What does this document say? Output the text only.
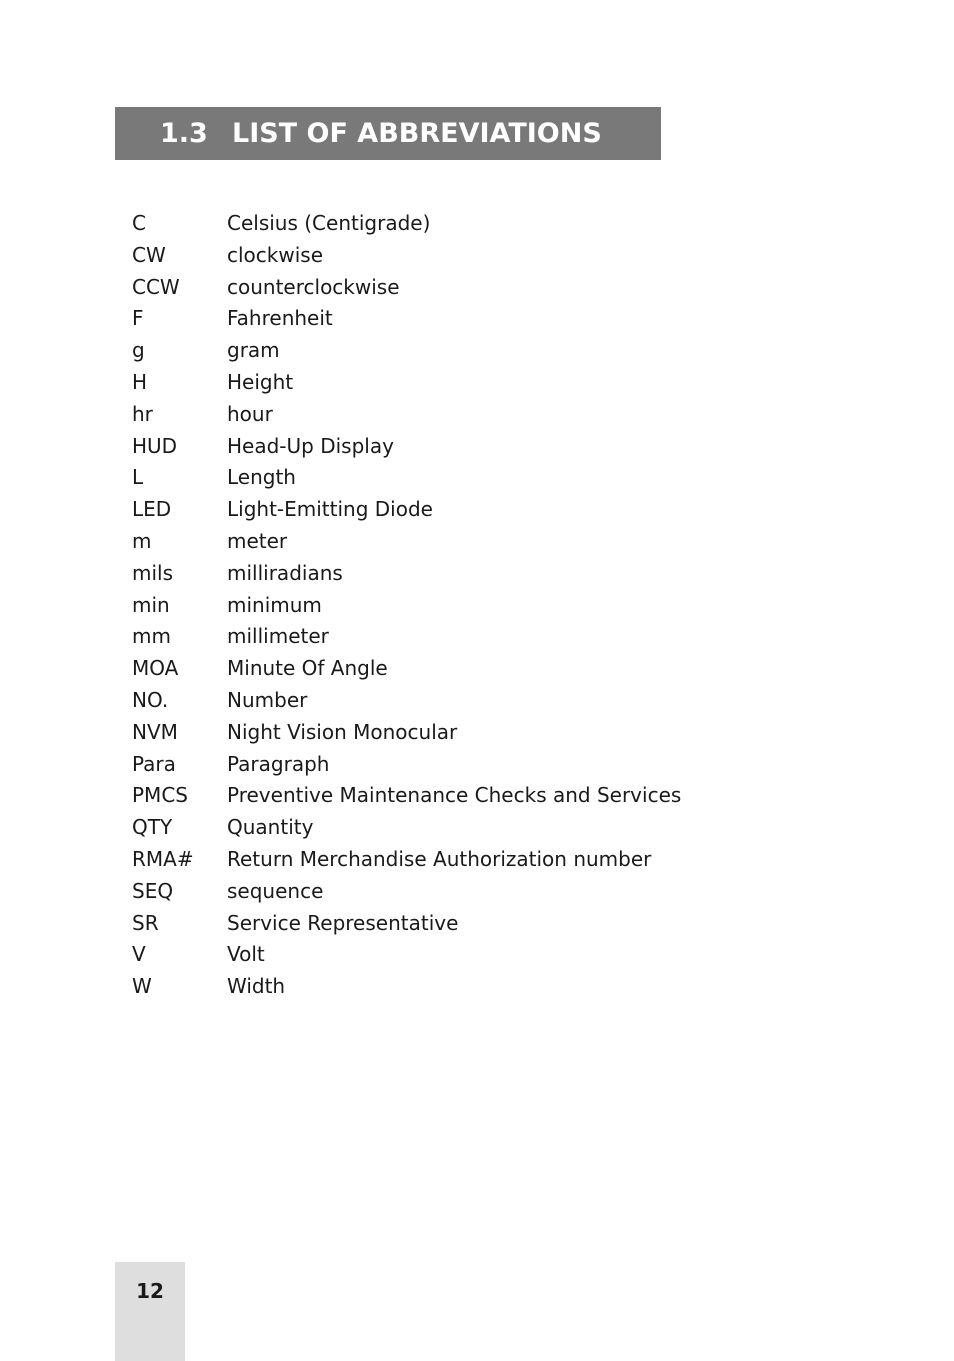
1.3 LIST OF ABBREVIATIONS
C	Celsius (Centigrade)
CW	clockwise
CCW counterclockwise
F	Fahrenheit
g	gram
H	Height
hr	hour
HUD Head-Up Display
L	Length
LED	Light-Emitting Diode
m	meter
mils	milliradians
min	minimum
mm	millimeter
MOA Minute Of Angle
NO.	Number
NVM Night Vision Monocular
Para	Paragraph
PMCS Preventive Maintenance Checks and Services
QTY	Quantity
RMA# Return Merchandise Authorization number
SEQ	sequence
SR	Service Representative
V	Volt
W	Width
12
